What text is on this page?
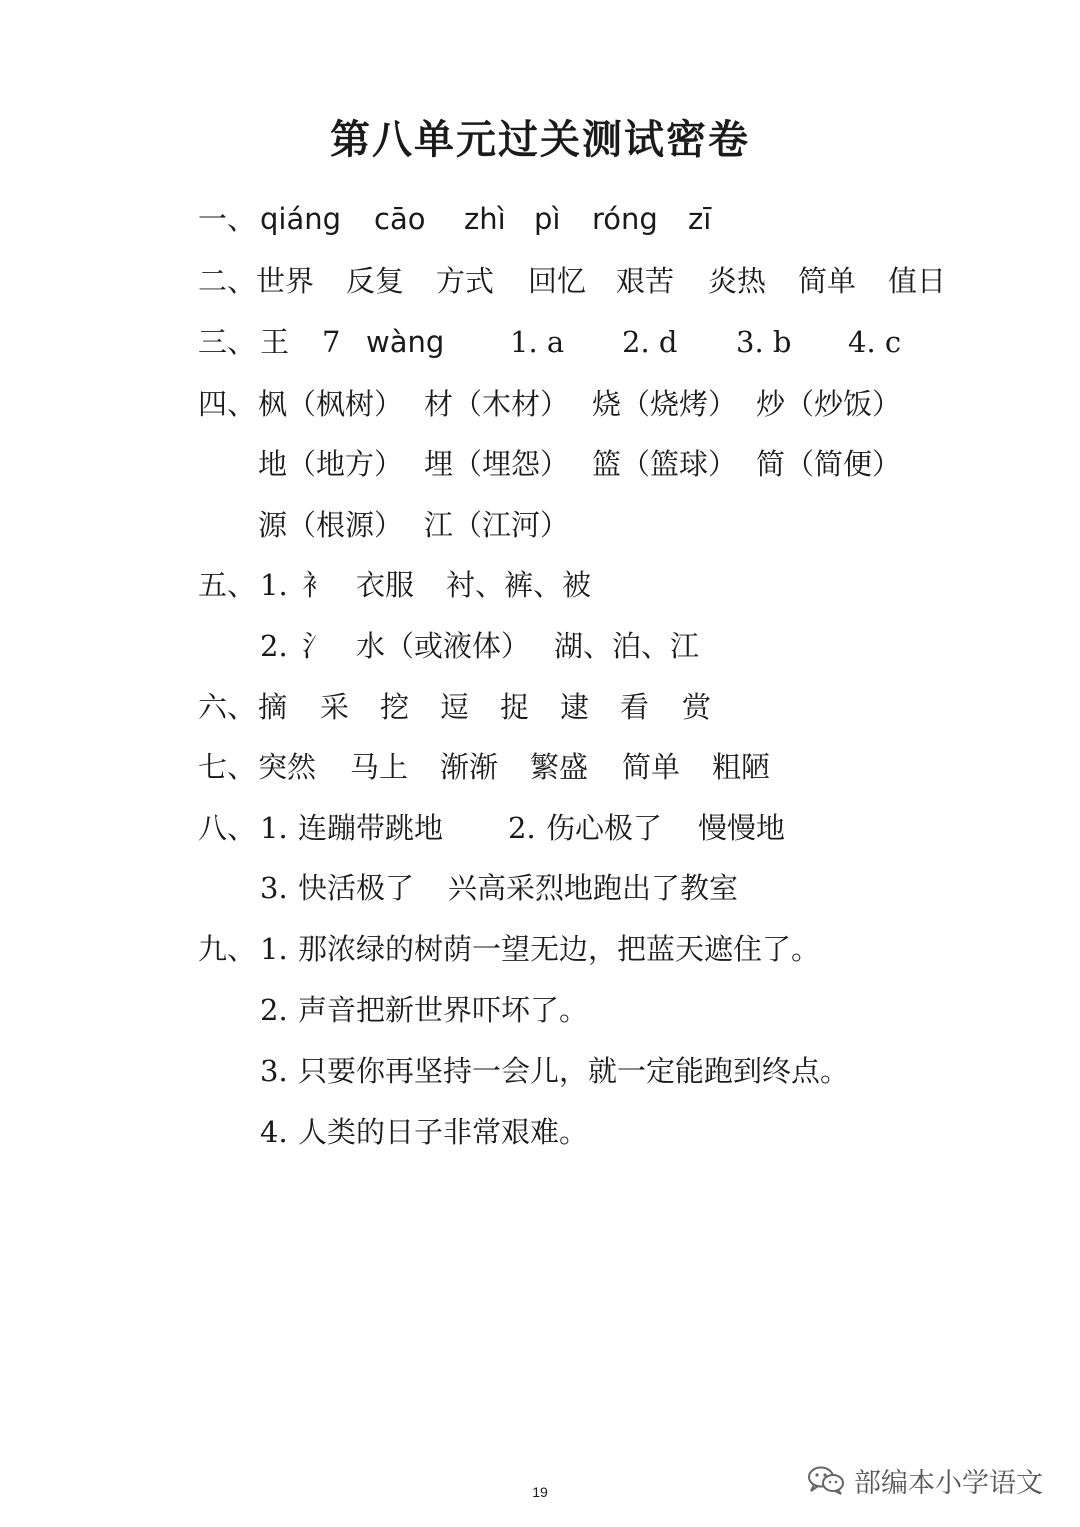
第八单元过关测试密卷
一、 qiáng cāo zhì pì róng zī
二、 世界 反复 方式 回忆 艰苦 炎热 简单 值日
三、 王 7 wàng 1. a 2. d 3. b 4. c
四、 枫（枫树） 材（木材） 烧（烧烤） 炒（炒饭）
地（地方） 埋（埋怨） 篮（篮球） 简（简便）
源（根源） 江（江河）
五、 1. 衤 衣服 衬、裤、被
2. 氵 水（或液体） 湖、泊、江
六、 摘 采 挖 逗 捉 逮 看 赏
七、 突然 马上 渐渐 繁盛 简单 粗陋
八、 1. 连蹦带跳地 2. 伤心极了 慢慢地
3. 快活极了 兴高采烈地跑出了教室
九、 1. 那浓绿的树荫一望无边，把蓝天遮住了。
2. 声音把新世界吓坏了。
3. 只要你再坚持一会儿，就一定能跑到终点。
4. 人类的日子非常艰难。
19	部编本小学语文
